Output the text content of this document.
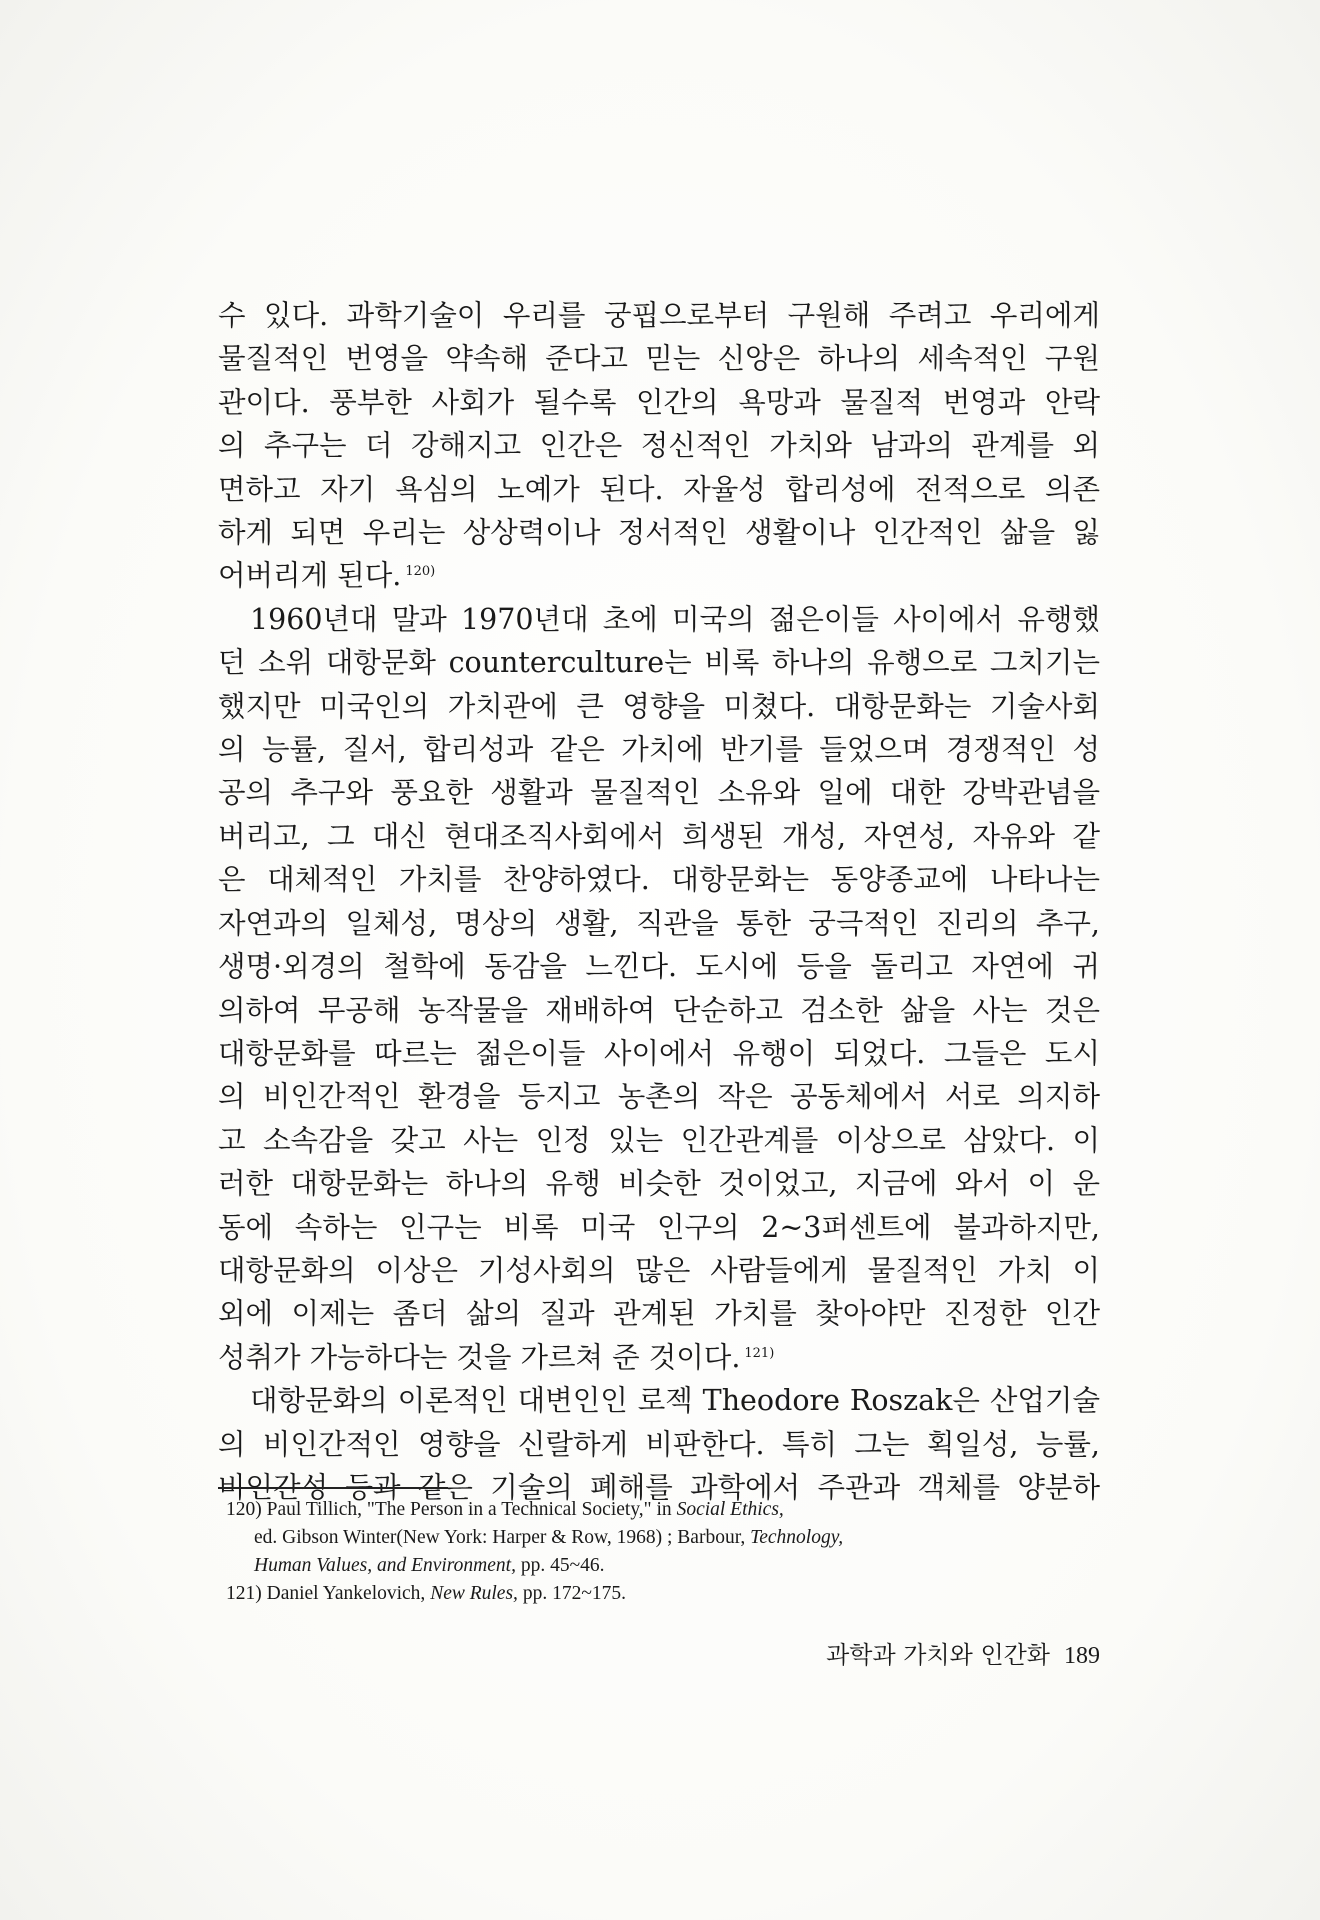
수 있다. 과학기술이 우리를 궁핍으로부터 구원해 주려고 우리에게
물질적인 번영을 약속해 준다고 믿는 신앙은 하나의 세속적인 구원
관이다. 풍부한 사회가 될수록 인간의 욕망과 물질적 번영과 안락
의 추구는 더 강해지고 인간은 정신적인 가치와 남과의 관계를 외
면하고 자기 욕심의 노예가 된다. 자율성 합리성에 전적으로 의존
하게 되면 우리는 상상력이나 정서적인 생활이나 인간적인 삶을 잃
어버리게 된다. $^{120)}$
1960년대 말과 1970년대 초에 미국의 젊은이들 사이에서 유행했
던 소위 대항문화 counterculture는 비록 하나의 유행으로 그치기는
했지만 미국인의 가치관에 큰 영향을 미쳤다. 대항문화는 기술사회
의 능률, 질서, 합리성과 같은 가치에 반기를 들었으며 경쟁적인 성
공의 추구와 풍요한 생활과 물질적인 소유와 일에 대한 강박관념을
버리고, 그 대신 현대조직사회에서 희생된 개성, 자연성, 자유와 같
은 대체적인 가치를 찬양하였다. 대항문화는 동양종교에 나타나는
자연과의 일체성, 명상의 생활, 직관을 통한 궁극적인 진리의 추구,
생명·외경의 철학에 동감을 느낀다. 도시에 등을 돌리고 자연에 귀
의하여 무공해 농작물을 재배하여 단순하고 검소한 삶을 사는 것은
대항문화를 따르는 젊은이들 사이에서 유행이 되었다. 그들은 도시
의 비인간적인 환경을 등지고 농촌의 작은 공동체에서 서로 의지하
고 소속감을 갖고 사는 인정 있는 인간관계를 이상으로 삼았다. 이
러한 대항문화는 하나의 유행 비슷한 것이었고, 지금에 와서 이 운
동에 속하는 인구는 비록 미국 인구의 2~3퍼센트에 불과하지만,
대항문화의 이상은 기성사회의 많은 사람들에게 물질적인 가치 이
외에 이제는 좀더 삶의 질과 관계된 가치를 찾아야만 진정한 인간
성취가 가능하다는 것을 가르쳐 준 것이다. $^{121)}$
대항문화의 이론적인 대변인인 로젝 Theodore Roszak은 산업기술
의 비인간적인 영향을 신랄하게 비판한다. 특히 그는 획일성, 능률,
비인간성 등과 같은 기술의 폐해를 과학에서 주관과 객체를 양분하
120) Paul Tillich, "The Person in a Technical Society," in Social Ethics,
ed. Gibson Winter(New York: Harper & Row, 1968) ; Barbour, Technology,
Human Values, and Environment, pp. 45~46.
121) Daniel Yankelovich, New Rules, pp. 172~175.
과학과 가치와 인간화 189
